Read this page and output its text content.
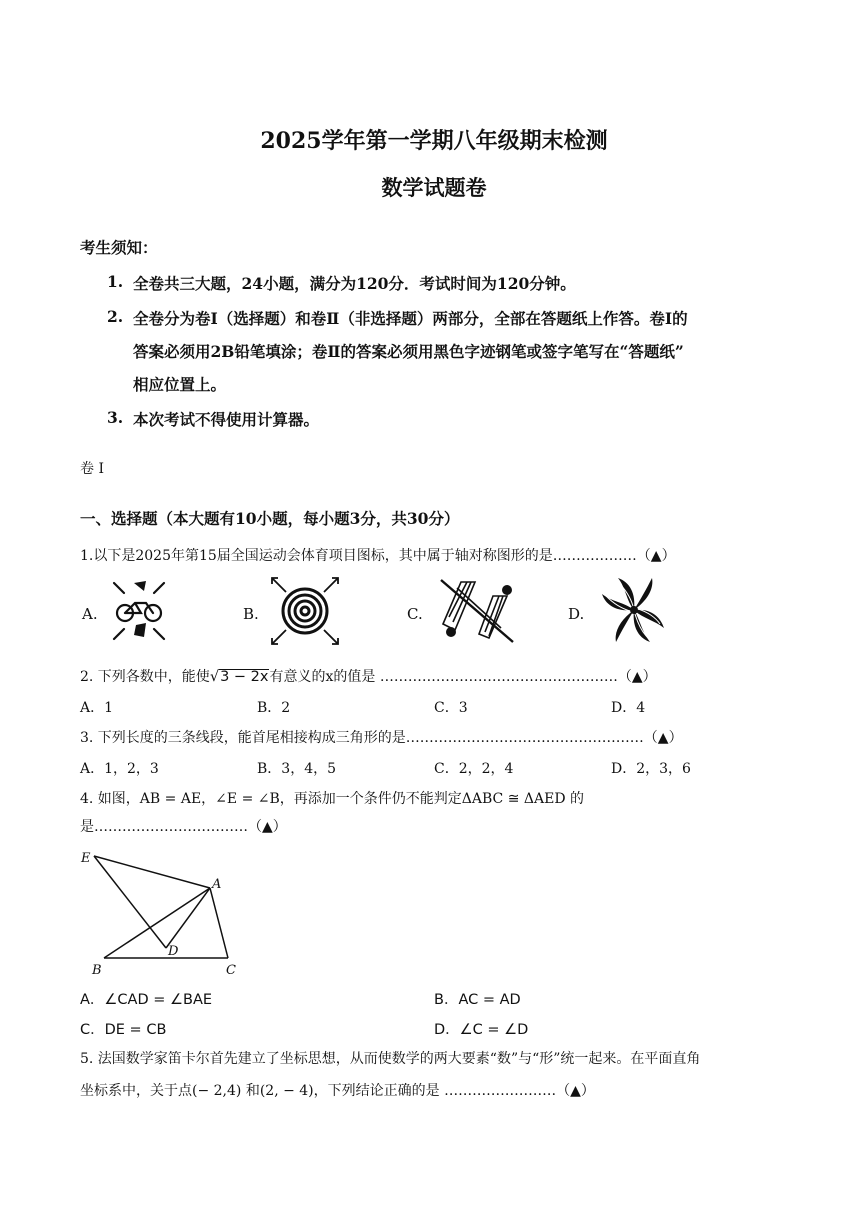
2025学年第一学期八年级期末检测
数学试题卷
考生须知：
1. 全卷共三大题，24小题，满分为120分．考试时间为120分钟。
2. 全卷分为卷Ⅰ（选择题）和卷Ⅱ（非选择题）两部分，全部在答题纸上作答。卷Ⅰ的
答案必须用2B铅笔填涂；卷Ⅱ的答案必须用黑色字迹钢笔或签字笔写在“答题纸”
相应位置上。
3. 本次考试不得使用计算器。
卷 Ⅰ
一、选择题（本大题有10小题，每小题3分，共30分）
1.以下是2025年第15届全国运动会体育项目图标，其中属于轴对称图形的是………………（▲）
A.	B.	C.	D.
2. 下列各数中，能使√3 − 2x有意义的x的值是 ……………………………………………（▲）
A．1	B．2	C．3	D．4
3. 下列长度的三条线段，能首尾相接构成三角形的是……………………………………………（▲）
A．1，2，3	B．3，4，5	C．2，2，4	D．2，3，6
4. 如图，AB = AE，∠E = ∠B，再添加一个条件仍不能判定ΔABC ≅ ΔAED 的
是……………………………（▲）
E
A
D
B	C
A．∠CAD = ∠BAE	B．AC = AD
C．DE = CB	D．∠C = ∠D
5. 法国数学家笛卡尔首先建立了坐标思想，从而使数学的两大要素“数”与“形”统一起来。在平面直角
坐标系中，关于点(− 2,4) 和(2, − 4)，下列结论正确的是 ……………………（▲）
